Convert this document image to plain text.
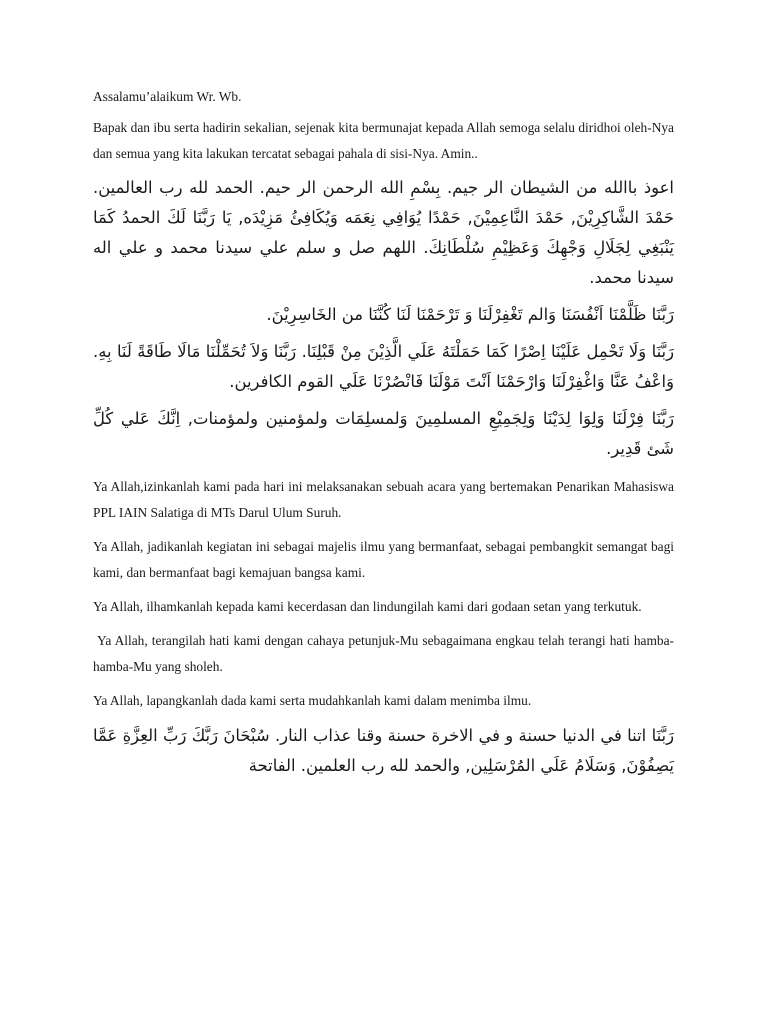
Assalamu’alaikum Wr. Wb.

Bapak dan ibu serta hadirin sekalian, sejenak kita bermunajat kepada Allah semoga selalu diridhoi oleh-Nya dan semua yang kita lakukan tercatat sebagai pahala di sisi-Nya. Amin..

اعوذ باالله من الشيطان الر جيم. بِسْمِ الله الرحمن الر حيم. الحمد لله رب العالمين. حَمْدَ الشَّاكِرِيْنَ, حَمْدَ النَّاعِمِيْنَ, حَمْدًا يُوَافِي نِعَمَه وَيُكَافِئُ مَزِيْدَه, يَا رَبَّنَا لَكَ الحمدُ كَمَا يَنْبَغِي لِجَلَالِ وَجْهِكَ وَعَظِيْمِ سُلْطَانِكَ. اللهم صل و سلم علي سيدنا محمد و علي اله سيدنا محمد.

رَبَّنَا ظَلَّمْنَا اَنْفُسَنَا وَالم تَغْفِرْلَنَا وَ تَرْحَمْنَا لَنَا كُنَّنَا من الخَاسِرِيْنَ.

رَبَّنَا وَلَا تَحْمِل عَلَيْنَا اِصْرًا كَمَا حَمَلْتَهُ عَلَي الَّذِيْنَ مِنْ قَبْلِنَا. رَبَّنَا وَلاَ تُحَمِّلْنَا مَالَا طَاقَةً لَنَا بِهِ. وَاعْفُ عَنَّا وَاغْفِرْلَنَا وَارْحَمْنَا اَنْتَ مَوْلَنَا فَانْصُرْنَا عَلَي القوم الكافرين.

رَبَّنَا فِرْلَنَا وَلِوَا لِدَيْنَا وَلِجَمِيْعِ المسلمِينَ وَلمسلِمَات ولمؤمنين ولمؤمنات, اِنَّكَ عَلي كُلِّ شَئ قَدِير.

Ya Allah,izinkanlah kami pada hari ini melaksanakan sebuah acara yang bertemakan Penarikan Mahasiswa PPL IAIN Salatiga di MTs Darul Ulum Suruh.

Ya Allah, jadikanlah kegiatan ini sebagai majelis ilmu yang bermanfaat, sebagai pembangkit semangat bagi kami, dan bermanfaat bagi kemajuan bangsa kami.

Ya Allah, ilhamkanlah kepada kami kecerdasan dan lindungilah kami dari godaan setan yang terkutuk.

Ya Allah, terangilah hati kami dengan cahaya petunjuk-Mu sebagaimana engkau telah terangi hati hamba-hamba-Mu yang sholeh.

Ya Allah, lapangkanlah dada kami serta mudahkanlah kami dalam menimba ilmu.

رَبَّنَا اتنا في الدنيا حسنة و في الاخرة حسنة وقنا عذاب النار. سُبْحَانَ رَبَّكَ رَبِّ العِزَّةِ عَمَّا يَصِفُوْنَ, وَسَلَامُ عَلَي المُرْسَلِين, والحمد لله رب العلمين. الفاتحة
